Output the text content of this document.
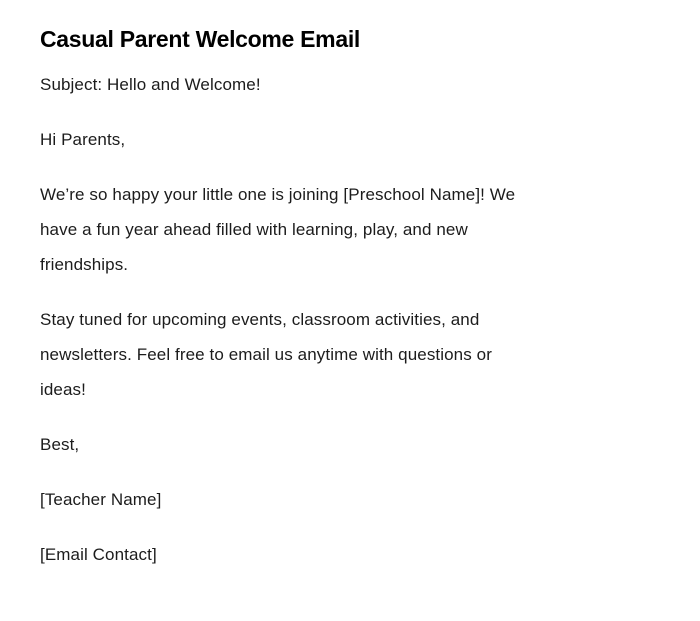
Casual Parent Welcome Email

Subject: Hello and Welcome!

Hi Parents,

We’re so happy your little one is joining [Preschool Name]! We
have a fun year ahead filled with learning, play, and new
friendships.

Stay tuned for upcoming events, classroom activities, and
newsletters. Feel free to email us anytime with questions or
ideas!

Best,

[Teacher Name]

[Email Contact]
